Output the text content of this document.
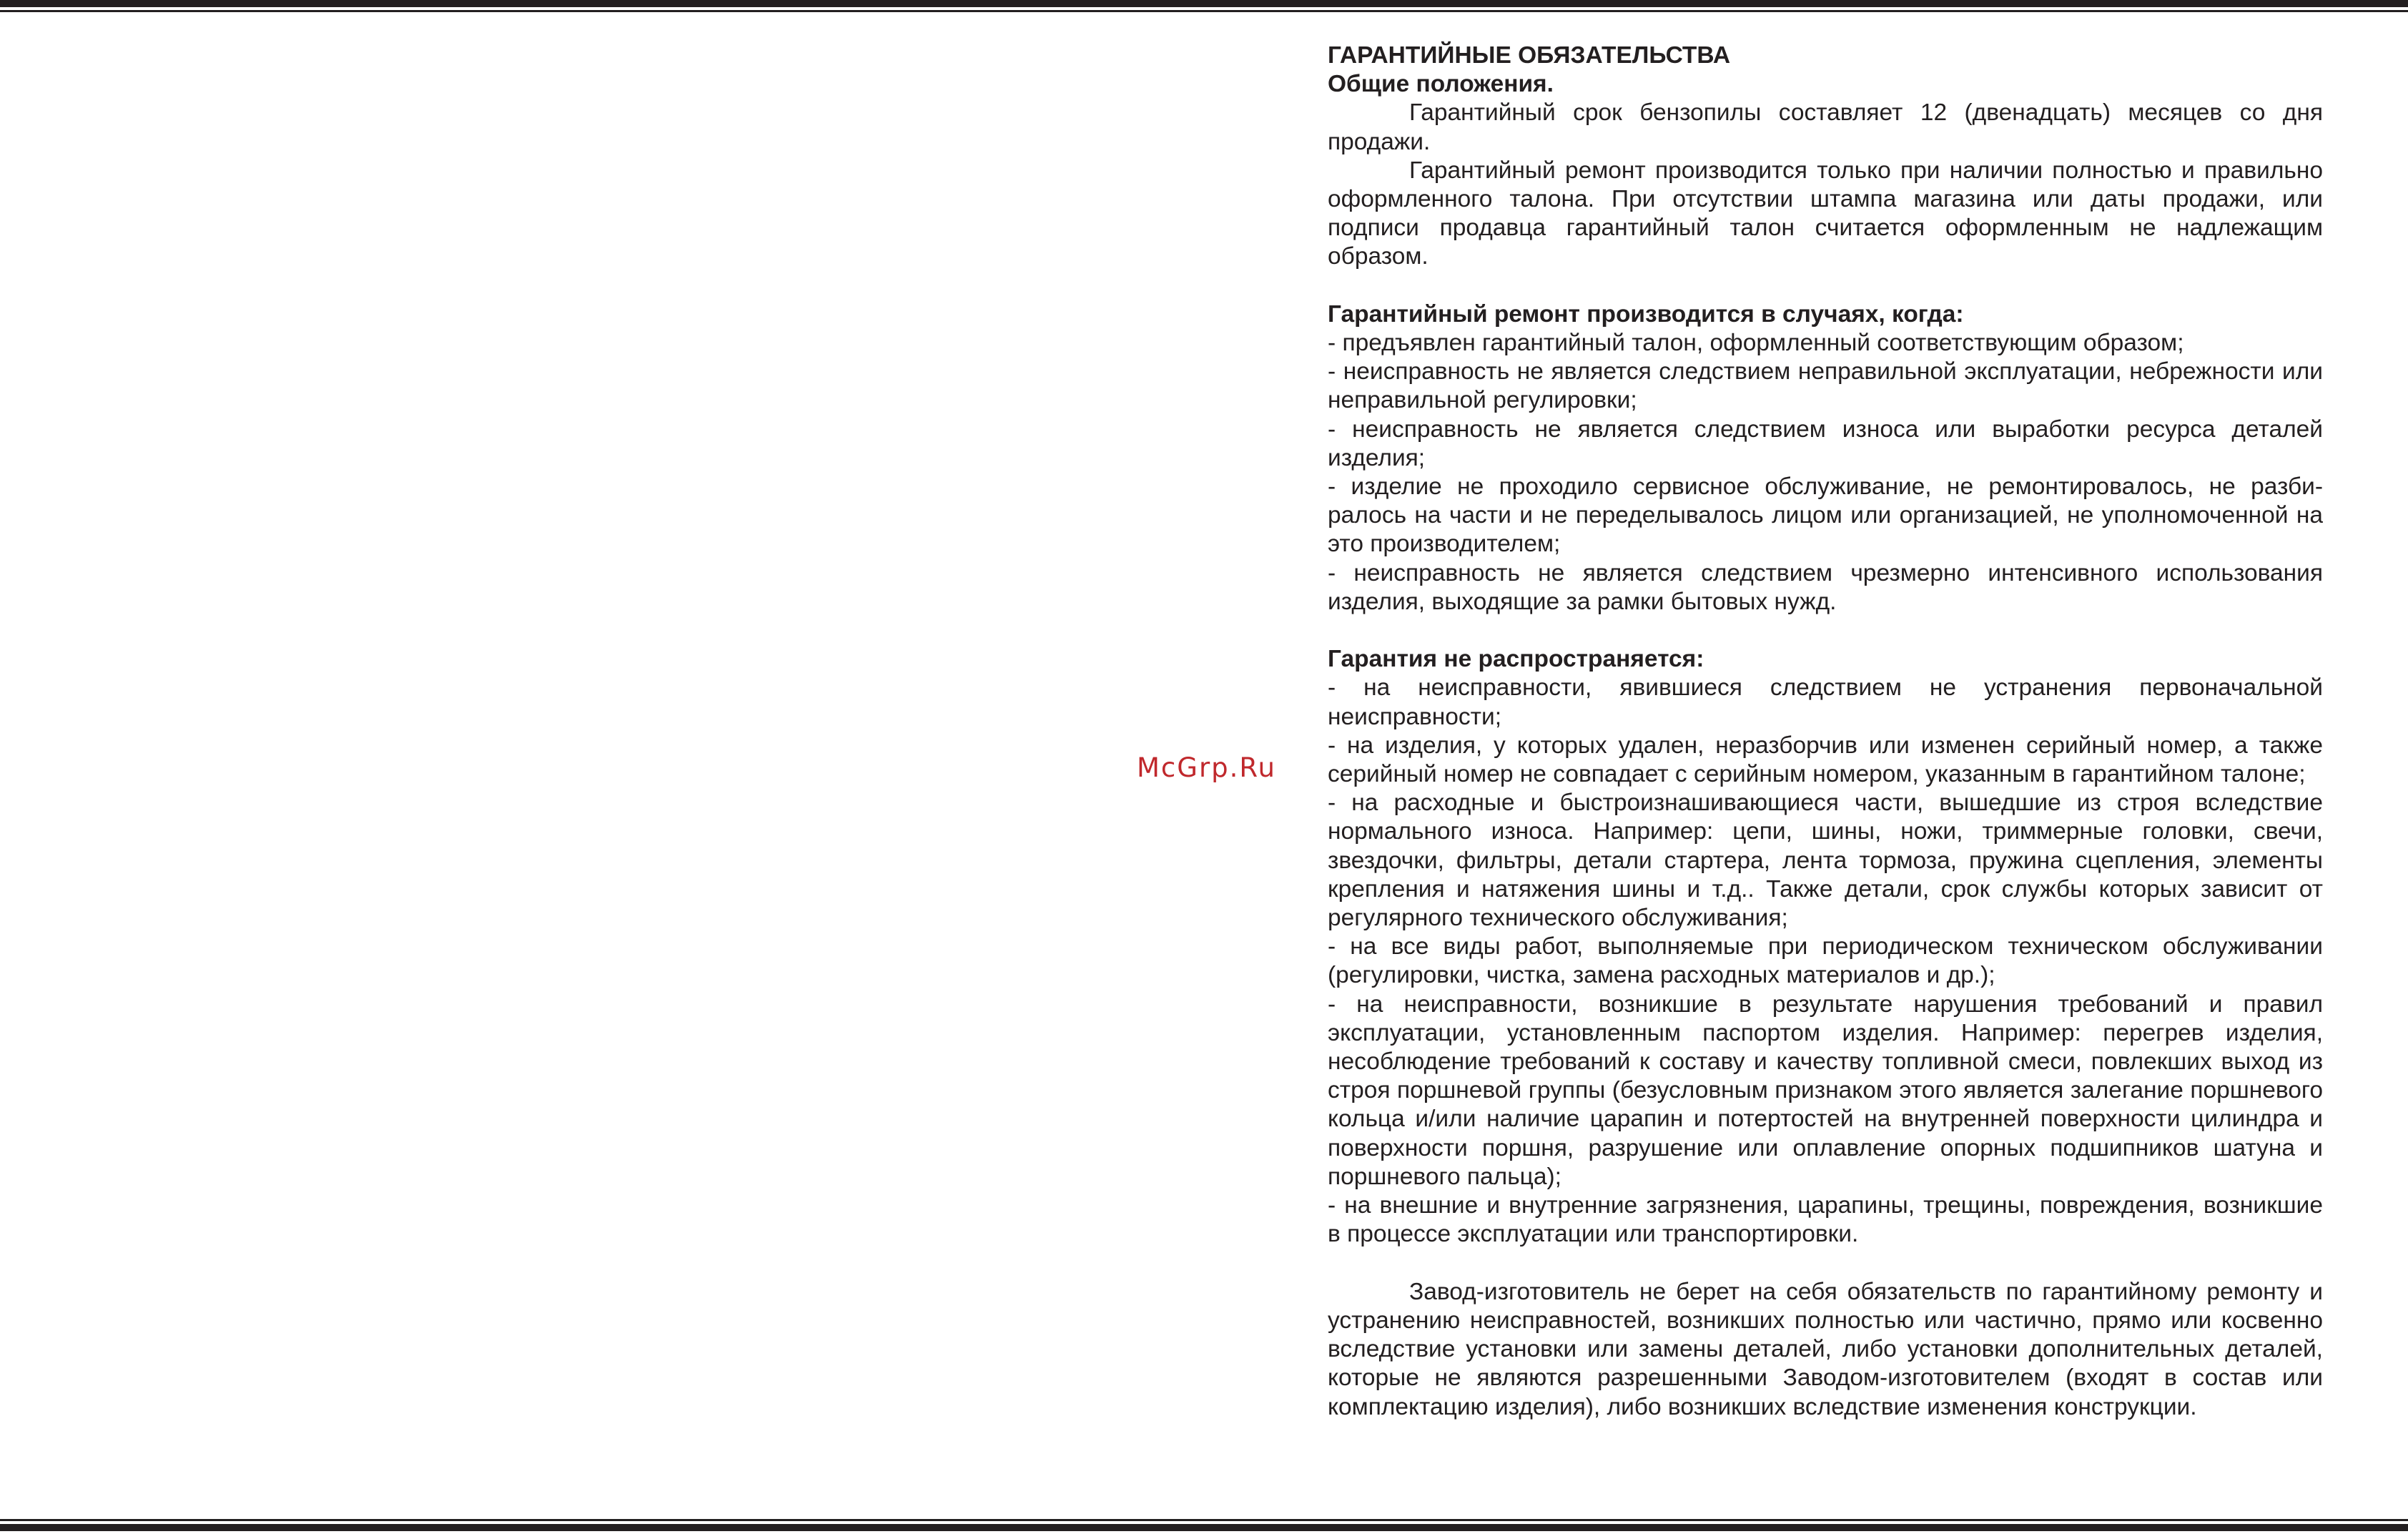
McGrp.Ru
ГАРАНТИЙНЫЕ ОБЯЗАТЕЛЬСТВА
Общие положения.
Гарантийный срок бензопилы составляет 12 (двенадцать) месяцев со дня продажи.
Гарантийный ремонт производится только при наличии полностью и правильно оформленного талона. При отсутствии штампа магазина или даты продажи, или подписи продавца гарантийный талон считается оформленным не надлежащим образом.
Гарантийный ремонт производится в случаях, когда:
- предъявлен гарантийный талон, оформленный соответствующим образом;
- неисправность не является следствием неправильной эксплуатации, небрежности или неправильной регулировки;
- неисправность не является следствием износа или выработки ресурса деталей изделия;
- изделие не проходило сервисное обслуживание, не ремонтировалось, не разби-ралось на части и не переделывалось лицом или организацией, не уполномоченной на это производителем;
- неисправность не является следствием чрезмерно интенсивного использования изделия, выходящие за рамки бытовых нужд.
Гарантия не распространяется:
- на неисправности, явившиеся следствием не устранения первоначальной неисправности;
- на изделия, у которых удален, неразборчив или изменен серийный номер, а также серийный номер не совпадает с серийным номером, указанным в гарантийном талоне;
- на расходные и быстроизнашивающиеся части, вышедшие из строя вследствие нормального износа. Например: цепи, шины, ножи, триммерные головки, свечи, звездочки, фильтры, детали стартера, лента тормоза, пружина сцепления, элементы крепления и натяжения шины и т.д.. Также детали, срок службы которых зависит от регулярного технического обслуживания;
- на все виды работ, выполняемые при периодическом техническом обслуживании (регулировки, чистка, замена расходных материалов и др.);
- на неисправности, возникшие в результате нарушения требований и правил эксплуатации, установленным паспортом изделия. Например: перегрев изделия, несоблюдение требований к составу и качеству топливной смеси, повлекших выход из строя поршневой группы (безусловным признаком этого является залегание поршневого кольца и/или наличие царапин и потертостей на внутренней поверхности цилиндра и поверхности поршня, разрушение или оплавление опорных подшипников шатуна и поршневого пальца);
- на внешние и внутренние загрязнения, царапины, трещины, повреждения, возникшие в процессе эксплуатации или транспортировки.
Завод-изготовитель не берет на себя обязательств по гарантийному ремонту и устранению неисправностей, возникших полностью или частично, прямо или косвенно вследствие установки или замены деталей, либо установки дополнительных деталей, которые не являются разрешенными Заводом-изготовителем (входят в состав или комплектацию изделия), либо возникших вследствие изменения конструкции.
